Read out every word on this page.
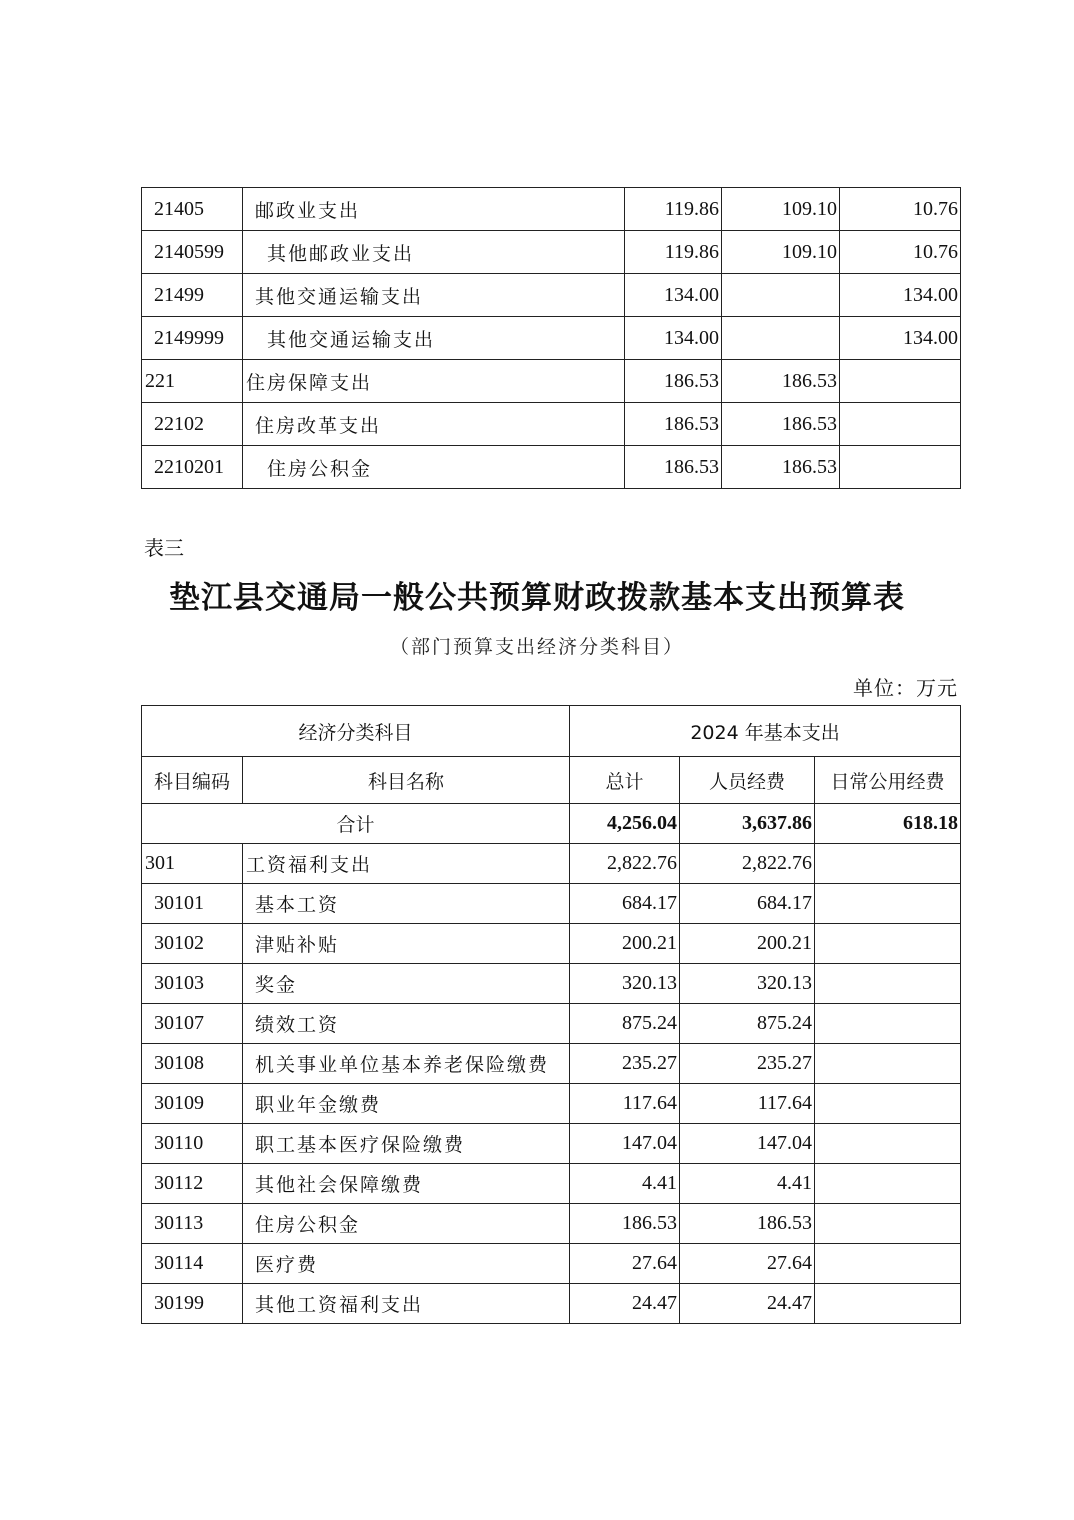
21405	邮政业支出	119.86	109.10	10.76
2140599	其他邮政业支出	119.86	109.10	10.76
21499	其他交通运输支出	134.00		134.00
2149999	其他交通运输支出	134.00		134.00
221	住房保障支出	186.53	186.53	
22102	住房改革支出	186.53	186.53	
2210201	住房公积金	186.53	186.53	
表三
垫江县交通局一般公共预算财政拨款基本支出预算表
（部门预算支出经济分类科目）
单位：万元
经济分类科目		2024 年基本支出		
科目编码	科目名称	总计	人员经费	日常公用经费
合计		4,256.04	3,637.86	618.18
301	工资福利支出	2,822.76	2,822.76	
30101	基本工资	684.17	684.17	
30102	津贴补贴	200.21	200.21	
30103	奖金	320.13	320.13	
30107	绩效工资	875.24	875.24	
30108	机关事业单位基本养老保险缴费	235.27	235.27	
30109	职业年金缴费	117.64	117.64	
30110	职工基本医疗保险缴费	147.04	147.04	
30112	其他社会保障缴费	4.41	4.41	
30113	住房公积金	186.53	186.53	
30114	医疗费	27.64	27.64	
30199	其他工资福利支出	24.47	24.47	
